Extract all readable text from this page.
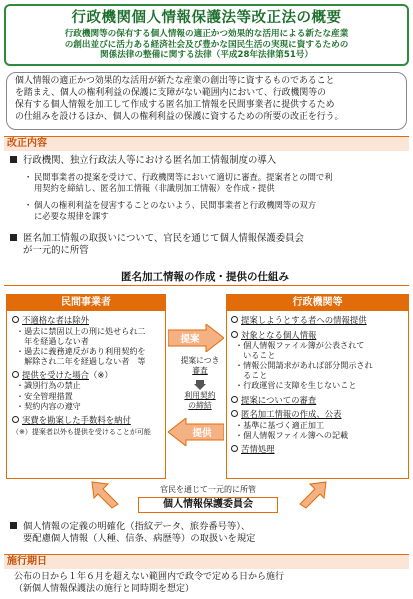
行政機関個人情報保護法等改正法の概要
行政機関等の保有する個人情報の適正かつ効果的な活用による新たな産業
の創出並びに活力ある経済社会及び豊かな国民生活の実現に資するための
関係法律の整備に関する法律（平成28年法律第51号）
個人情報の適正かつ効果的な活用が新たな産業の創出等に資するものであること
を踏まえ、個人の権利利益の保護に支障がない範囲内において、行政機関等の
保有する個人情報を加工して作成する匿名加工情報を民間事業者に提供するため
の仕組みを設けるほか、個人の権利利益の保護に資するための所要の改正を行う。
改正内容
行政機関、独立行政法人等における匿名加工情報制度の導入
・ 民間事業者の提案を受けて、行政機関等において適切に審査。提案者との間で利
用契約を締結し、匿名加工情報（非識別加工情報）を作成・提供
・ 個人の権利利益を侵害することのないよう、民間事業者と行政機関等の双方
に必要な規律を課す
匿名加工情報の取扱いについて、官民を通じて個人情報保護委員会
が一元的に所管
匿名加工情報の作成・提供の仕組み
民間事業者
不適格な者は除外
・過去に禁固以上の刑に処せられ二
　年を経過しない者
・過去に義務違反があり利用契約を
　解除され二年を経過しない者　等
提供を受けた場合（※）
・識別行為の禁止
・安全管理措置
・契約内容の遵守
実費を勘案した手数料を納付
（※）提案者以外も提供を受けることが可能
行政機関等
提案しようとする者への情報提供
対象となる個人情報
・個人情報ファイル簿が公表されて
　いること
・情報公開請求があれば部分開示され
　ること
・行政運営に支障を生じないこと
提案についての審査
匿名加工情報の作成、公表
・基準に基づく適正加工
・個人情報ファイル簿への記載
苦情処理
提案
提案につき
審査
利用契約
の締結
提供
官民を通じて一元的に所管
個人情報保護委員会
個人情報の定義の明確化（指紋データ、旅券番号等）、
要配慮個人情報（人種、信条、病歴等）の取扱いを規定
施行期日
公布の日から１年６月を超えない範囲内で政令で定める日から施行
（新個人情報保護法の施行と同時期を想定）
